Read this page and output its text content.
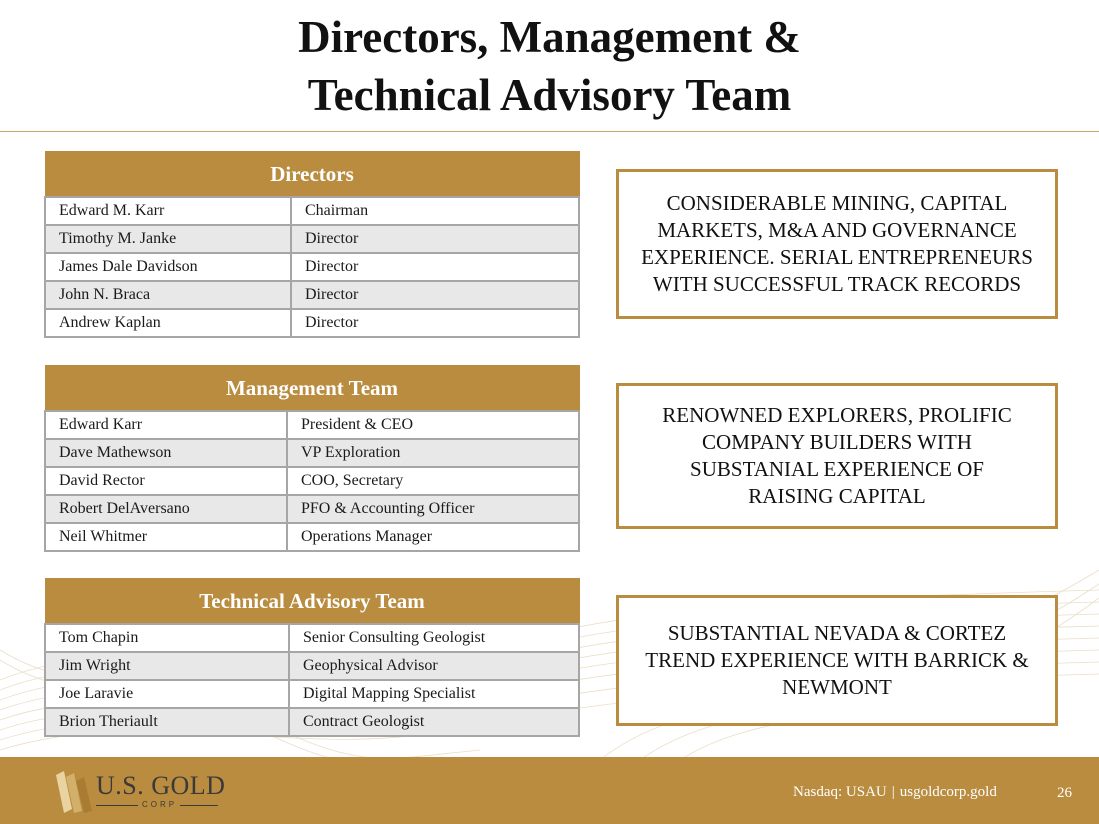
Directors, Management &
Technical Advisory Team
Directors	
Edward M. Karr	Chairman
Timothy M. Janke	Director
James Dale Davidson	Director
John N. Braca	Director
Andrew Kaplan	Director
Management Team	
Edward Karr	President & CEO
Dave Mathewson	VP Exploration
David Rector	COO, Secretary
Robert DelAversano	PFO & Accounting Officer
Neil Whitmer	Operations Manager
Technical Advisory Team	
Tom Chapin	Senior Consulting Geologist
Jim Wright	Geophysical Advisor
Joe Laravie	Digital Mapping Specialist
Brion Theriault	Contract Geologist
CONSIDERABLE MINING, CAPITAL MARKETS, M&A AND GOVERNANCE EXPERIENCE. SERIAL ENTREPRENEURS WITH SUCCESSFUL TRACK RECORDS
RENOWNED EXPLORERS, PROLIFIC COMPANY BUILDERS WITH SUBSTANIAL EXPERIENCE OF RAISING CAPITAL
SUBSTANTIAL NEVADA & CORTEZ TREND EXPERIENCE WITH BARRICK & NEWMONT
U.S. GOLD
CORP
Nasdaq: USAU | usgoldcorp.gold	26
